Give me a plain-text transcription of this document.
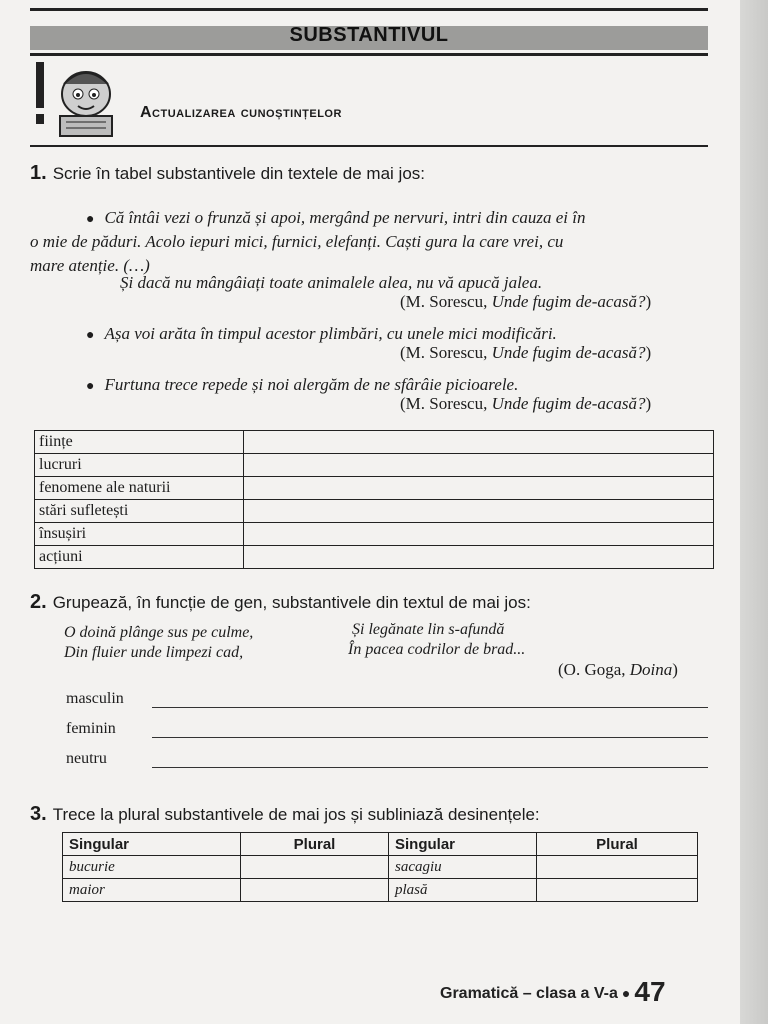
SUBSTANTIVUL
Actualizarea cunoștințelor
1. Scrie în tabel substantivele din textele de mai jos:
● Că întâi vezi o frunză și apoi, mergând pe nervuri, intri din cauza ei în
o mie de păduri. Acolo iepuri mici, furnici, elefanți. Caști gura la care vrei, cu
mare atenție. (…)
Și dacă nu mângâiați toate animalele alea, nu vă apucă jalea.
(M. Sorescu, Unde fugim de-acasă?)
● Așa voi arăta în timpul acestor plimbări, cu unele mici modificări.
(M. Sorescu, Unde fugim de-acasă?)
● Furtuna trece repede și noi alergăm de ne sfârâie picioarele.
(M. Sorescu, Unde fugim de-acasă?)
ființe	
lucruri	
fenomene ale naturii	
stări sufletești	
însușiri	
acțiuni	
2. Grupează, în funcție de gen, substantivele din textul de mai jos:
O doină plânge sus pe culme,
Din fluier unde limpezi cad,
Și legănate lin s-afundă
În pacea codrilor de brad...
(O. Goga, Doina)
masculin
feminin
neutru
3. Trece la plural substantivele de mai jos și subliniază desinențele:
Singular	Plural	Singular	Plural
bucurie		sacagiu	
maior		plasă	
Gramatică – clasa a V-a ● 47
